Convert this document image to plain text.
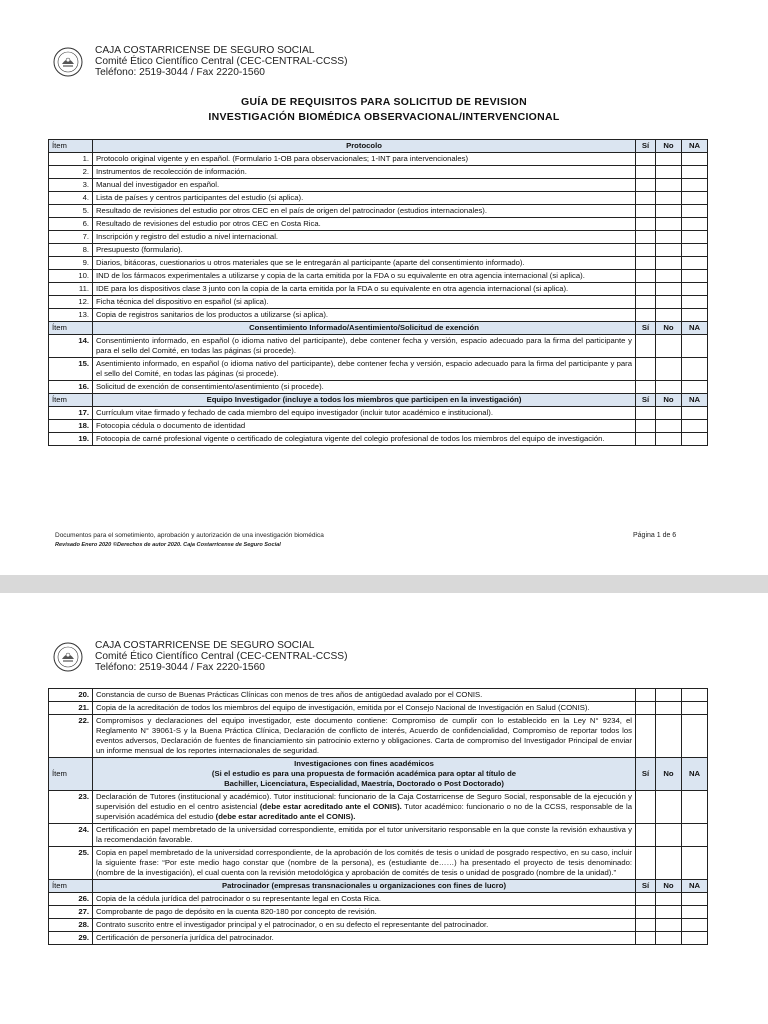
CAJA COSTARRICENSE DE SEGURO SOCIAL
Comité Ético Científico Central (CEC-CENTRAL-CCSS)
Teléfono: 2519-3044 / Fax 2220-1560
GUÍA DE REQUISITOS PARA SOLICITUD DE REVISION
INVESTIGACIÓN BIOMÉDICA OBSERVACIONAL/INTERVENCIONAL
Ítem	Protocolo	Sí	No	NA
1.	Protocolo original vigente y en español. (Formulario 1-OB para observacionales; 1-INT para intervencionales)			
2.	Instrumentos de recolección de información.			
3.	Manual del investigador en español.			
4.	Lista de países y centros participantes del estudio (si aplica).			
5.	Resultado de revisiones del estudio por otros CEC en el país de origen del patrocinador (estudios internacionales).			
6.	Resultado de revisiones del estudio por otros CEC en Costa Rica.			
7.	Inscripción y registro del estudio a nivel internacional.			
8.	Presupuesto (formulario).			
9.	Diarios, bitácoras, cuestionarios u otros materiales que se le entregarán al participante (aparte del consentimiento informado).			
10.	IND de los fármacos experimentales a utilizarse y copia de la carta emitida por la FDA o su equivalente en otra agencia internacional (si aplica).			
11.	IDE para los dispositivos clase 3 junto con la copia de la carta emitida por la FDA o su equivalente en otra agencia internacional (si aplica).			
12.	Ficha técnica del dispositivo en español (si aplica).			
13.	Copia de registros sanitarios de los productos a utilizarse (si aplica).			
Ítem	Consentimiento Informado/Asentimiento/Solicitud de exención	Sí	No	NA
14.	Consentimiento informado, en español (o idioma nativo del participante), debe contener fecha y versión, espacio adecuado para la firma del participante y para el sello del Comité, en todas las páginas (si procede).			
15.	Asentimiento informado, en español (o idioma nativo del participante), debe contener fecha y versión, espacio adecuado para la firma del participante y para el sello del Comité, en todas las páginas (si procede).			
16.	Solicitud de exención de consentimiento/asentimiento (si procede).			
Ítem	Equipo Investigador (incluye a todos los miembros que participen en la investigación)	Sí	No	NA
17.	Currículum vitae firmado y fechado de cada miembro del equipo investigador (incluir tutor académico e institucional).			
18.	Fotocopia cédula o documento de identidad			
19.	Fotocopia de carné profesional vigente o certificado de colegiatura vigente del colegio profesional de todos los miembros del equipo de investigación.			
Documentos para el sometimiento, aprobación y autorización de una investigación biomédica
Revisado Enero 2020 ©Derechos de autor 2020. Caja Costarricense de Seguro Social
Página 1 de 6
CAJA COSTARRICENSE DE SEGURO SOCIAL
Comité Ético Científico Central (CEC-CENTRAL-CCSS)
Teléfono: 2519-3044 / Fax 2220-1560
20.	Constancia de curso de Buenas Prácticas Clínicas con menos de tres años de antigüedad avalado por el CONIS.			
21.	Copia de la acreditación de todos los miembros del equipo de investigación, emitida por el Consejo Nacional de Investigación en Salud (CONIS).			
22.	Compromisos y declaraciones del equipo investigador, este documento contiene: Compromiso de cumplir con lo establecido en la Ley N° 9234, el Reglamento N° 39061-S y la Buena Práctica Clínica, Declaración de conflicto de interés, Acuerdo de confidencialidad, Compromiso de reportar todos los eventos adversos, Declaración de fuentes de financiamiento sin patrocinio externo y obligaciones. Carta de compromiso del Investigador Principal de enviar un informe mensual de los reportes internacionales de seguridad.			
Ítem	Investigaciones con fines académicos
(Si el estudio es para una propuesta de formación académica para optar al título de
Bachiller, Licenciatura, Especialidad, Maestría, Doctorado o Post Doctorado)	Sí	No	NA
23.	Declaración de Tutores (institucional y académico). Tutor institucional: funcionario de la Caja Costarricense de Seguro Social, responsable de la ejecución y supervisión del estudio en el centro asistencial (debe estar acreditado ante el CONIS). Tutor académico: funcionario o no de la CCSS, responsable de la supervisión académica del estudio (debe estar acreditado ante el CONIS).			
24.	Certificación en papel membretado de la universidad correspondiente, emitida por el tutor universitario responsable en la que conste la revisión exhaustiva y la recomendación favorable.			
25.	Copia en papel membretado de la universidad correspondiente, de la aprobación de los comités de tesis o unidad de posgrado respectivo, en su caso, incluir la siguiente frase: “Por este medio hago constar que (nombre de la persona), es (estudiante de……) ha presentado el proyecto de tesis denominado: (nombre de la investigación), el cual cuenta con la revisión metodológica y aprobación de comités de tesis o unidad de posgrado (nombre de la unidad).”			
Ítem	Patrocinador (empresas transnacionales u organizaciones con fines de lucro)	Sí	No	NA
26.	Copia de la cédula jurídica del patrocinador o su representante legal en Costa Rica.			
27.	Comprobante de pago de depósito en la cuenta 820-180 por concepto de revisión.			
28.	Contrato suscrito entre el investigador principal y el patrocinador, o en su defecto el representante del patrocinador.			
29.	Certificación de personería jurídica del patrocinador.			
